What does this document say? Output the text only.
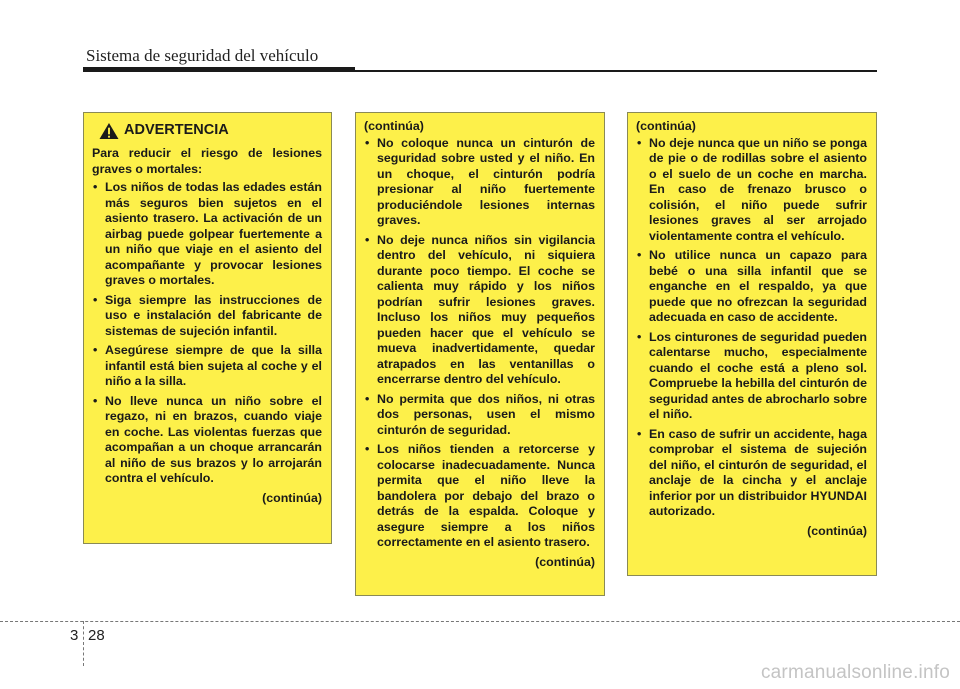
Sistema de seguridad del vehículo
ADVERTENCIA
Para reducir el riesgo de lesiones graves o mortales:
• Los niños de todas las edades están más seguros bien sujetos en el asiento trasero. La activación de un airbag puede golpear fuertemente a un niño que viaje en el asiento del acompañante y provocar lesiones graves o mortales.
• Siga siempre las instrucciones de uso e instalación del fabricante de sistemas de sujeción infantil.
• Asegúrese siempre de que la silla infantil está bien sujeta al coche y el niño a la silla.
• No lleve nunca un niño sobre el regazo, ni en brazos, cuando viaje en coche. Las violentas fuerzas que acompañan a un choque arrancarán al niño de sus brazos y lo arrojarán contra el vehículo.
(continúa)
(continúa)
• No coloque nunca un cinturón de seguridad sobre usted y el niño. En un choque, el cinturón podría presionar al niño fuertemente produciéndole lesiones internas graves.
• No deje nunca niños sin vigilancia dentro del vehículo, ni siquiera durante poco tiempo. El coche se calienta muy rápido y los niños podrían sufrir lesiones graves. Incluso los niños muy pequeños pueden hacer que el vehículo se mueva inadvertidamente, quedar atrapados en las ventanillas o encerrarse dentro del vehículo.
• No permita que dos niños, ni otras dos personas, usen el mismo cinturón de seguridad.
• Los niños tienden a retorcerse y colocarse inadecuadamente. Nunca permita que el niño lleve la bandolera por debajo del brazo o detrás de la espalda. Coloque y asegure siempre a los niños correctamente en el asiento trasero.
(continúa)
(continúa)
• No deje nunca que un niño se ponga de pie o de rodillas sobre el asiento o el suelo de un coche en marcha. En caso de frenazo brusco o colisión, el niño puede sufrir lesiones graves al ser arrojado violentamente contra el vehículo.
• No utilice nunca un capazo para bebé o una silla infantil que se enganche en el respaldo, ya que puede que no ofrezcan la seguridad adecuada en caso de accidente.
• Los cinturones de seguridad pueden calentarse mucho, especialmente cuando el coche está a pleno sol. Compruebe la hebilla del cinturón de seguridad antes de abrocharlo sobre el niño.
• En caso de sufrir un accidente, haga comprobar el sistema de sujeción del niño, el cinturón de seguridad, el anclaje de la cincha y el anclaje inferior por un distribuidor HYUNDAI autorizado.
(continúa)
3 28
carmanualsonline.info
